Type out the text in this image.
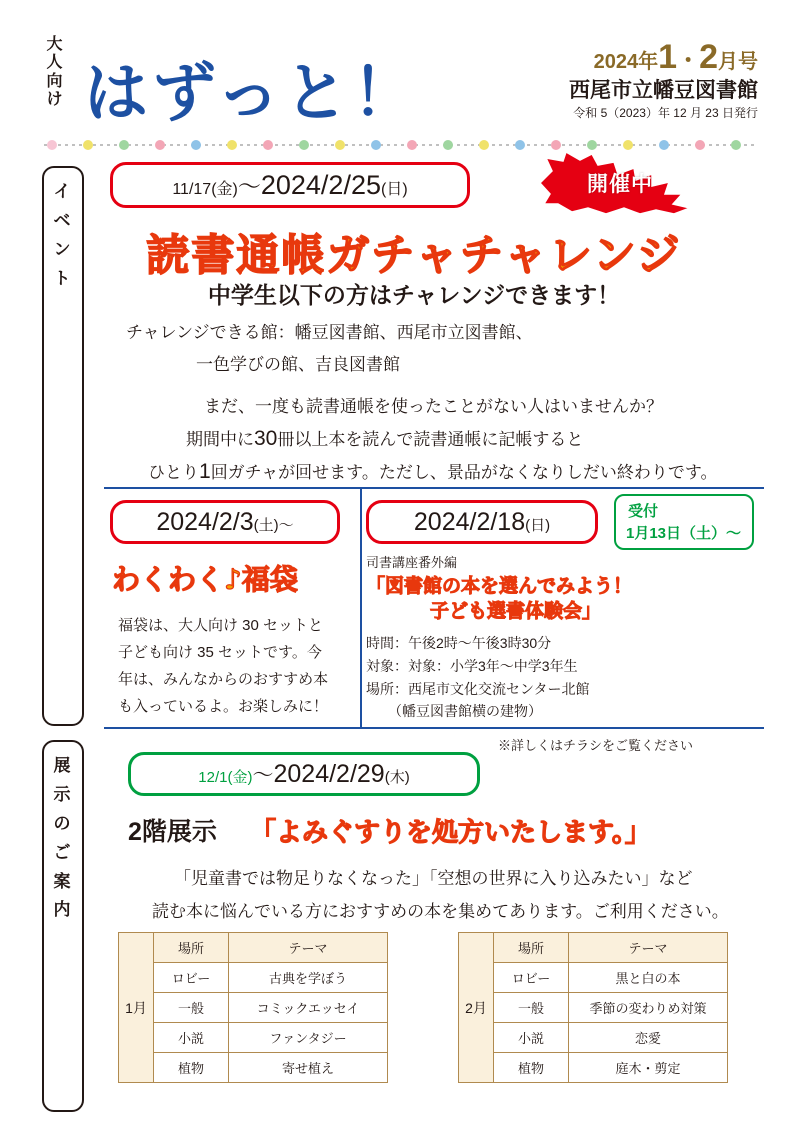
大人向け はずっと！	2024年1・2月号
西尾市立幡豆図書館
令和 5（2023）年 12 月 23 日発行
イ
ベ
ン
ト
展
示
の
ご
案
内
11/17(金)〜2024/2/25(日)	開催中
読書通帳ガチャチャレンジ
中学生以下の方はチャレンジできます！
チャレンジできる館：幡豆図書館、西尾市立図書館、
一色学びの館、吉良図書館
まだ、一度も読書通帳を使ったことがない人はいませんか？
期間中に30冊以上本を読んで読書通帳に記帳すると
ひとり1回ガチャが回せます。ただし、景品がなくなりしだい終わりです。
2024/2/3(土)〜
わくわく♪福袋
福袋は、大人向け 30 セットと
子ども向け 35 セットです。今
年は、みんなからのおすすめ本
も入っているよ。お楽しみに！
2024/2/18(日)
受付
1月13日（土）〜
司書講座番外編
「図書館の本を選んでみよう！
子ども選書体験会」
時間：午後2時〜午後3時30分
対象：対象：小学3年〜中学3年生
場所：西尾市文化交流センター北館
（幡豆図書館横の建物）
※詳しくはチラシをご覧ください
12/1(金)〜2024/2/29(木)
2階展示 「よみぐすりを処方いたします。」
「児童書では物足りなくなった」「空想の世界に入り込みたい」など
読む本に悩んでいる方におすすめの本を集めてあります。ご利用ください。
1月	場所	テーマ
	ロビー	古典を学ぼう
	一般	コミックエッセイ
	小説	ファンタジー
	植物	寄せ植え
2月	場所	テーマ
	ロビー	黒と白の本
	一般	季節の変わりめ対策
	小説	恋愛
	植物	庭木・剪定
